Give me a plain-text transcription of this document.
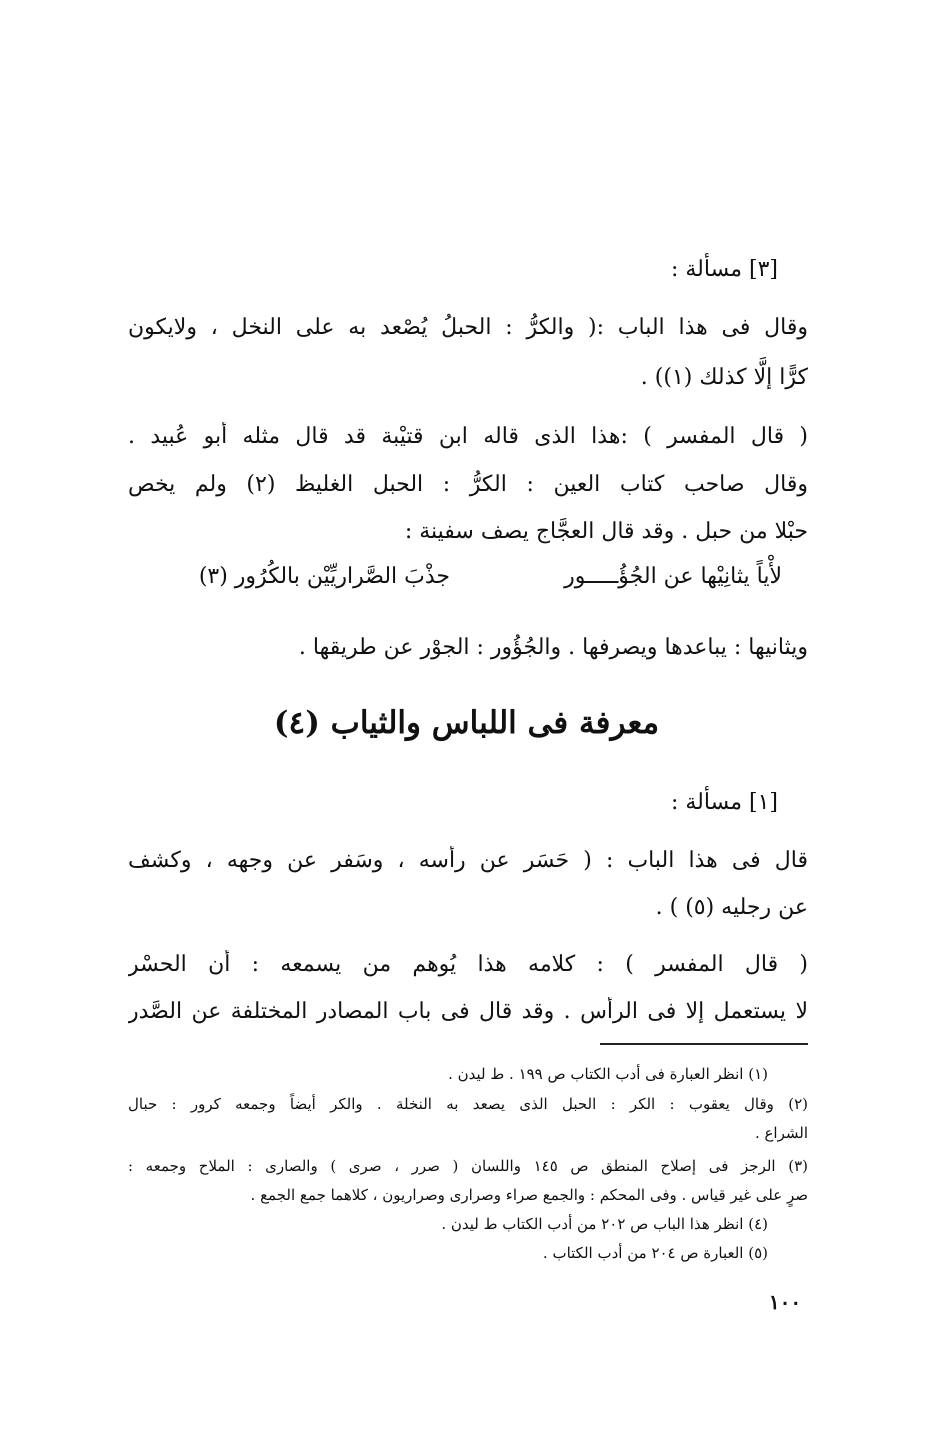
[٣] مسألة :
وقال فى هذا الباب :( والكرُّ : الحبلُ يُصْعد به على النخل ، ولايكون
كرًّا إلَّا كذلك (١)) .
( قال المفسر ) :هذا الذى قاله ابن قتيْبة قد قال مثله أبو عُبيد .
وقال صاحب كتاب العين : الكرُّ : الحبل الغليظ (٢) ولم يخص
حبْلا من حبل . وقد قال العجَّاج يصف سفينة :
لأْياً يثانِيْها عن الجُؤُـــــور
جذْبَ الصَّراريِّيْن بالكُرُور (٣)
ويثانيها : يباعدها ويصرفها . والجُؤُور : الجوْر عن طريقها .
معرفة فى اللباس والثياب (٤)
[١] مسألة :
قال فى هذا الباب : ( حَسَر عن رأسه ، وسَفر عن وجهه ، وكشف
عن رجليه (٥) ) .
( قال المفسر ) : كلامه هذا يُوهم من يسمعه : أن الحسْر
لا يستعمل إلا فى الرأس . وقد قال فى باب المصادر المختلفة عن الصَّدر
(١) انظر العبارة فى أدب الكتاب ص ١٩٩ . ط ليدن .
(٢) وقال يعقوب : الكر : الحبل الذى يصعد به النخلة . والكر أيضاً وجمعه كرور : حبال
الشراع .
(٣) الرجز فى إصلاح المنطق ص ١٤٥ واللسان ( صرر ، صرى ) والصارى : الملاح وجمعه :
صرٍ على غير قياس . وفى المحكم : والجمع صراء وصرارى وصراريون ، كلاهما جمع الجمع .
(٤) انظر هذا الباب ص ٢٠٢ من أدب الكتاب ط ليدن .
(٥) العبارة ص ٢٠٤ من أدب الكتاب .
١٠٠
